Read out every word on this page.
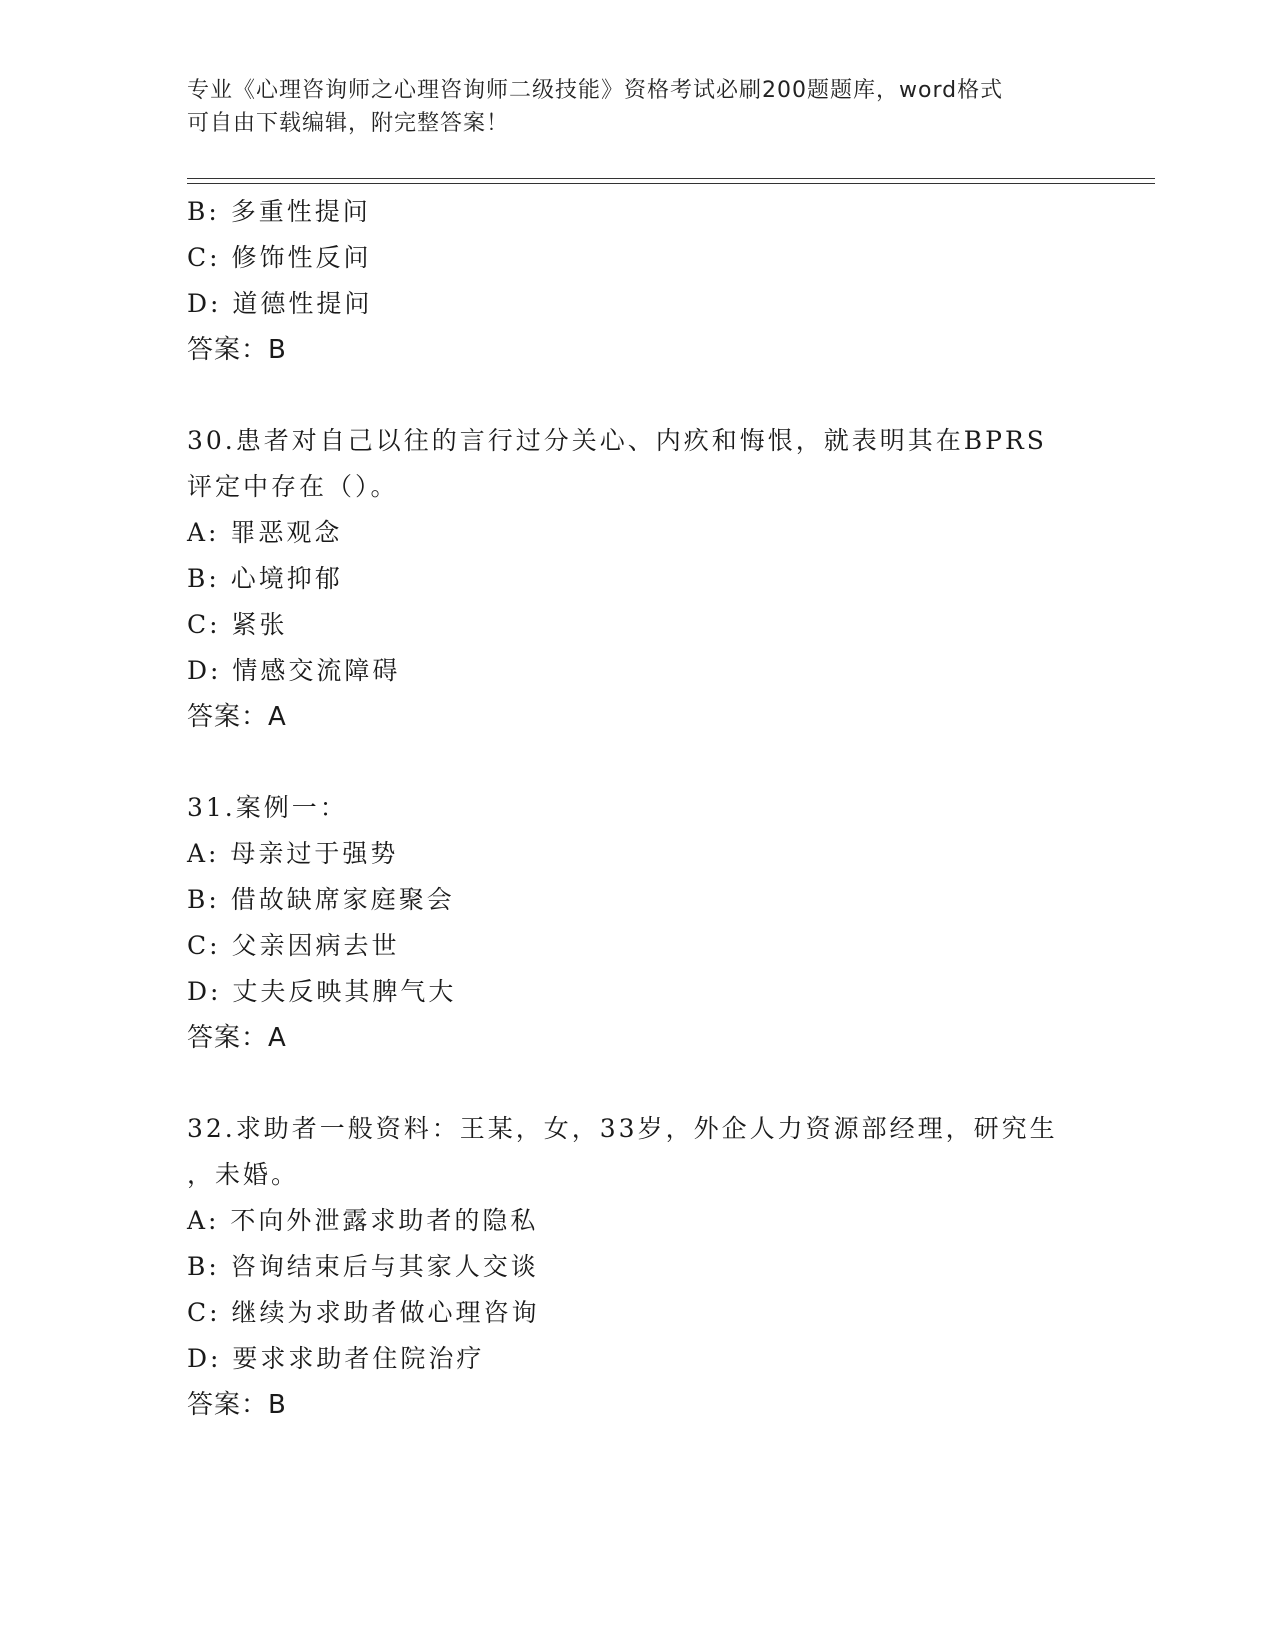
专业《心理咨询师之心理咨询师二级技能》资格考试必刷200题题库，word格式
可自由下载编辑，附完整答案！
B: 多重性提问
C: 修饰性反问
D: 道德性提问
答案：B
30.患者对自己以往的言行过分关心、内疚和悔恨，就表明其在BPRS
评定中存在（）。
A: 罪恶观念
B: 心境抑郁
C: 紧张
D: 情感交流障碍
答案：A
31.案例一：
A: 母亲过于强势
B: 借故缺席家庭聚会
C: 父亲因病去世
D: 丈夫反映其脾气大
答案：A
32.求助者一般资料：王某，女，33岁，外企人力资源部经理，研究生
，未婚。
A: 不向外泄露求助者的隐私
B: 咨询结束后与其家人交谈
C: 继续为求助者做心理咨询
D: 要求求助者住院治疗
答案：B
